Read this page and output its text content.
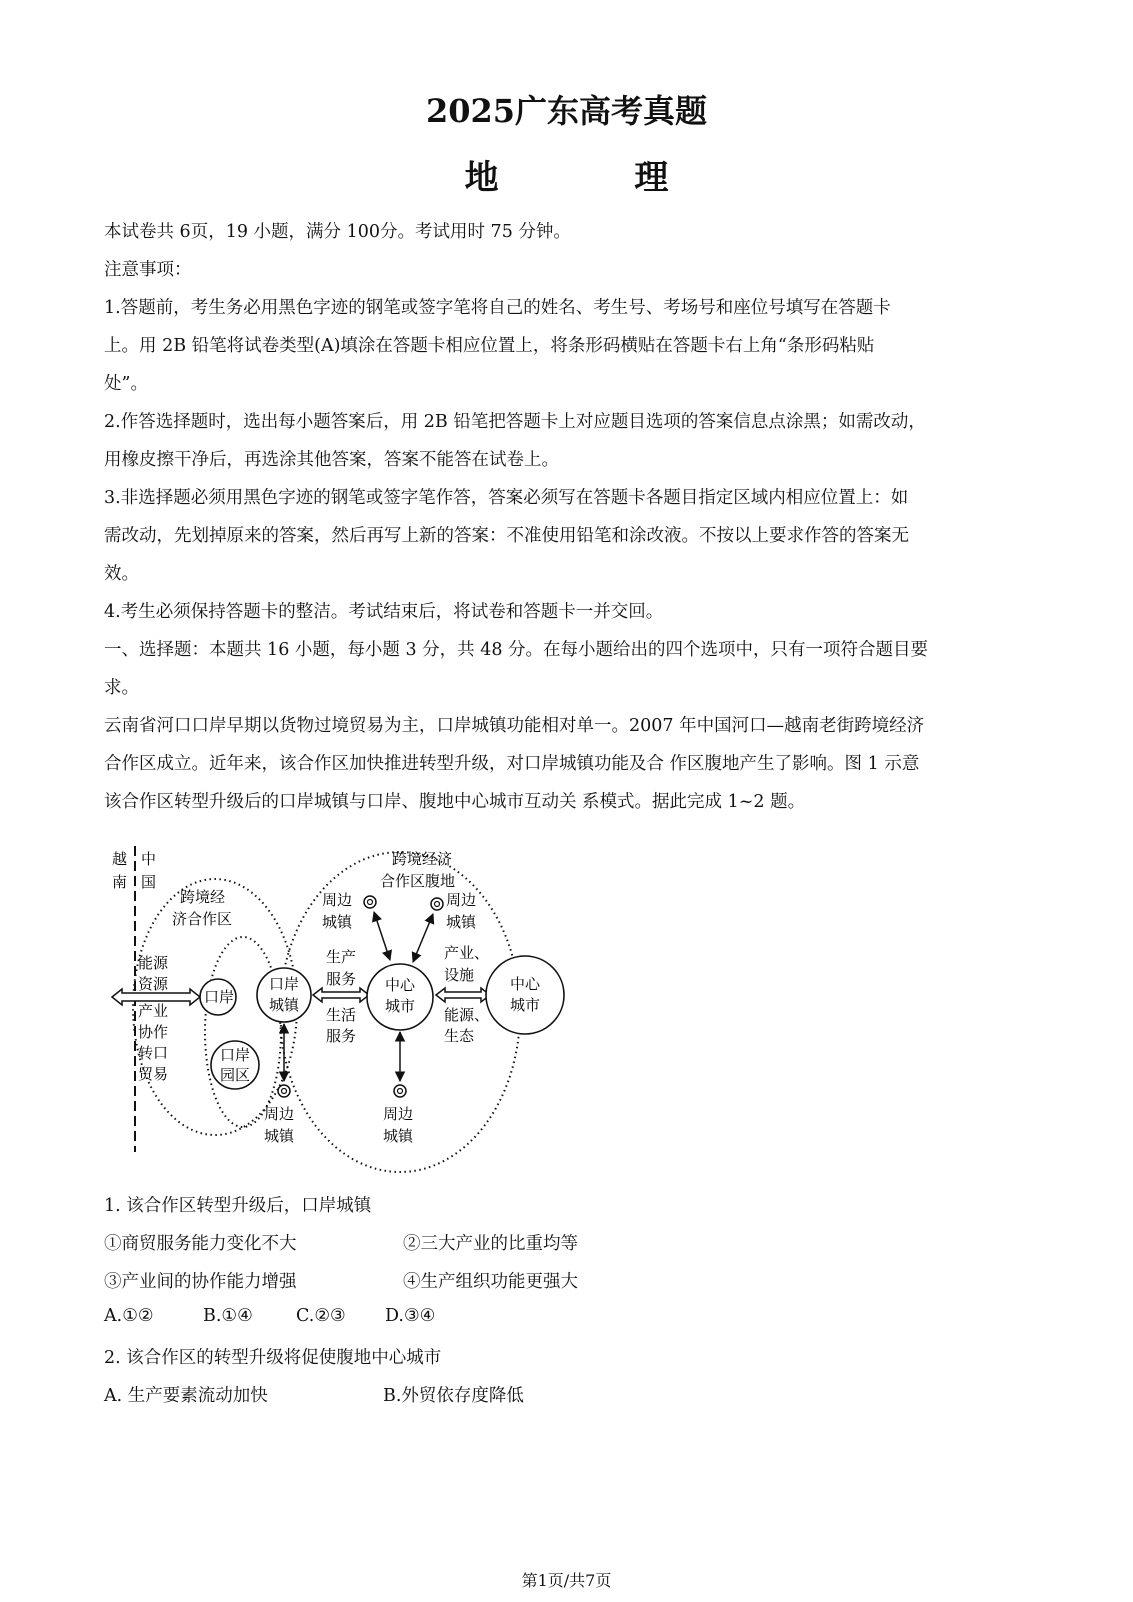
2025广东高考真题
地 理
本试卷共 6页，19 小题，满分 100分。考试用时 75 分钟。
注意事项：
1.答题前，考生务必用黑色字迹的钢笔或签字笔将自己的姓名、考生号、考场号和座位号填写在答题卡
上。用 2B 铅笔将试卷类型(A)填涂在答题卡相应位置上，将条形码横贴在答题卡右上角“条形码粘贴
处”。
2.作答选择题时，选出每小题答案后，用 2B 铅笔把答题卡上对应题目选项的答案信息点涂黑；如需改动，
用橡皮擦干净后，再选涂其他答案，答案不能答在试卷上。
3.非选择题必须用黑色字迹的钢笔或签字笔作答，答案必须写在答题卡各题目指定区域内相应位置上：如
需改动，先划掉原来的答案，然后再写上新的答案：不准使用铅笔和涂改液。不按以上要求作答的答案无
效。
4.考生必须保持答题卡的整洁。考试结束后，将试卷和答题卡一并交回。
一、选择题：本题共 16 小题，每小题 3 分，共 48 分。在每小题给出的四个选项中，只有一项符合题目要
求。
云南省河口口岸早期以货物过境贸易为主，口岸城镇功能相对单一。2007 年中国河口—越南老街跨境经济
合作区成立。近年来，该合作区加快推进转型升级，对口岸城镇功能及合 作区腹地产生了影响。图 1 示意
该合作区转型升级后的口岸城镇与口岸、腹地中心城市互动关 系模式。据此完成 1~2 题。
越南
中国
跨境经济合作区
跨境经济合作区腹地
能源 资源 产业 协作 转口 贸易
口岸
口岸园区
口岸城镇
生产服务
生活服务
中心城市
产业、设施
能源、生态
中心城市
周边城镇
周边城镇
周边城镇
周边城镇
1. 该合作区转型升级后，口岸城镇
①商贸服务能力变化不大	②三大产业的比重均等
③产业间的协作能力增强	④生产组织功能更强大
A.①②	B.①④ C.②③ D.③④
2. 该合作区的转型升级将促使腹地中心城市
A. 生产要素流动加快	B.外贸依存度降低
第1页/共7页
